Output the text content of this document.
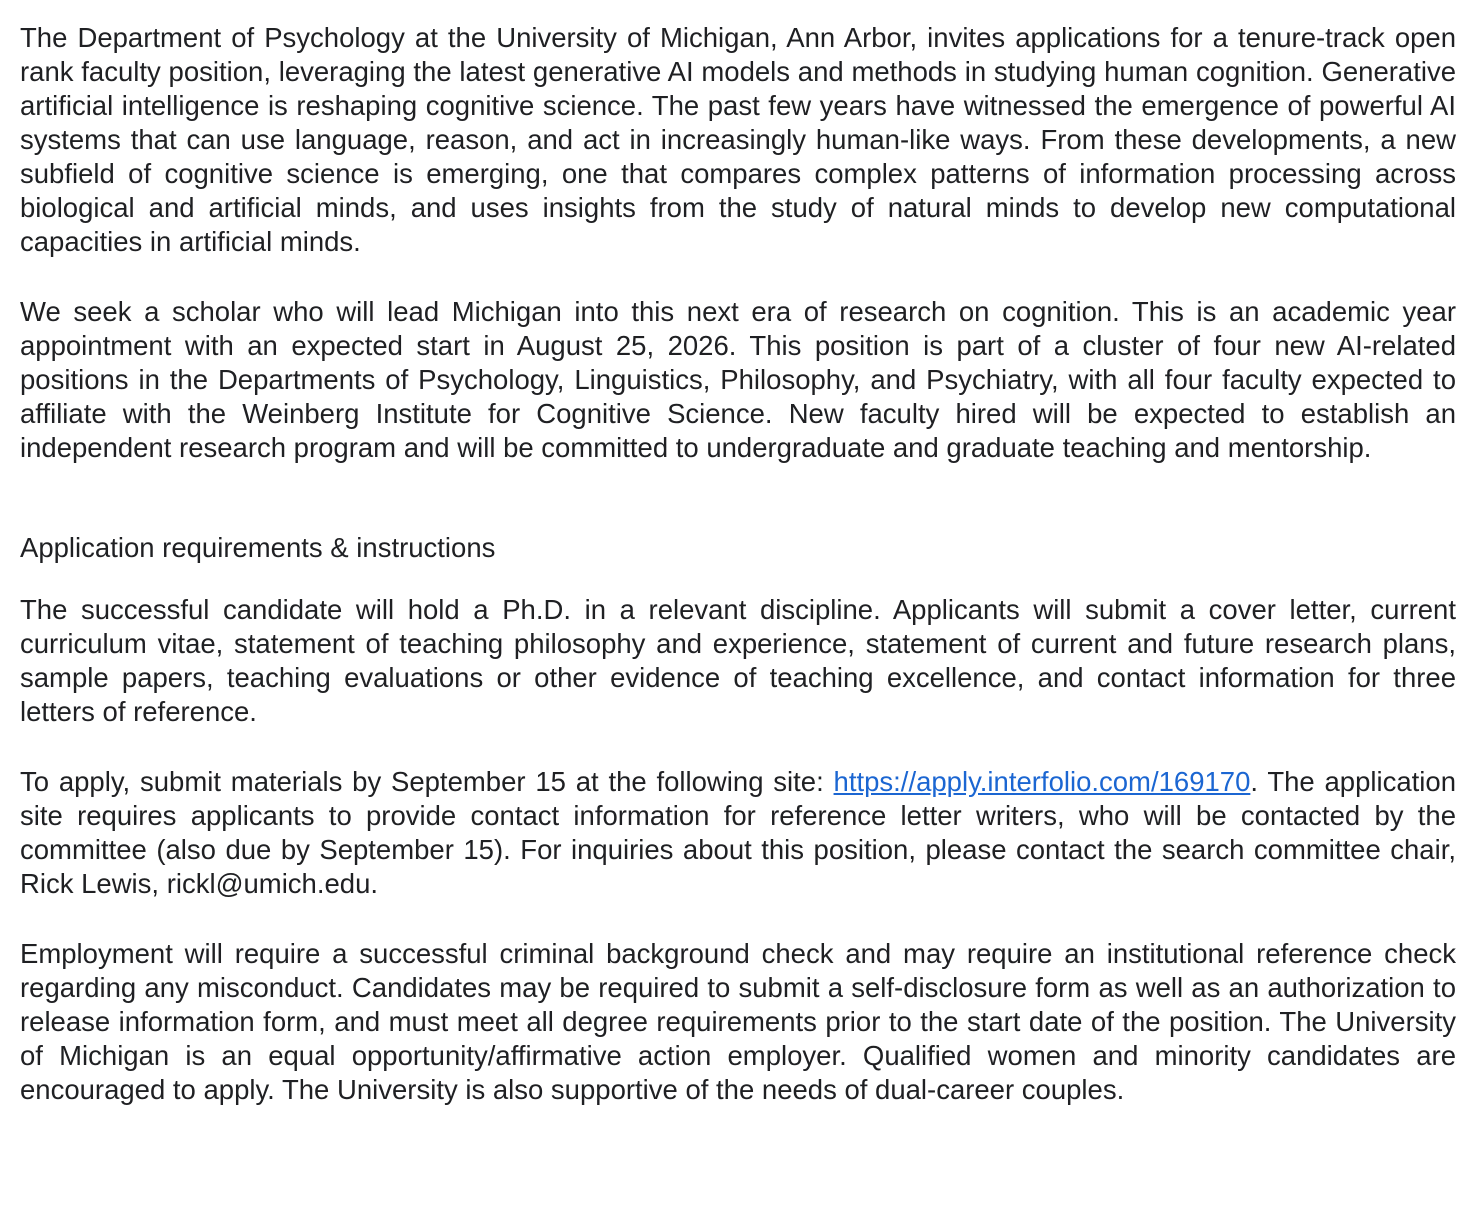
The Department of Psychology at the University of Michigan, Ann Arbor, invites applications for a tenure-track open rank faculty position, leveraging the latest generative AI models and methods in studying human cognition. Generative artificial intelligence is reshaping cognitive science. The past few years have witnessed the emergence of powerful AI systems that can use language, reason, and act in increasingly human-like ways. From these developments, a new subfield of cognitive science is emerging, one that compares complex patterns of information processing across biological and artificial minds, and uses insights from the study of natural minds to develop new computational capacities in artificial minds.

We seek a scholar who will lead Michigan into this next era of research on cognition. This is an academic year appointment with an expected start in August 25, 2026. This position is part of a cluster of four new AI-related positions in the Departments of Psychology, Linguistics, Philosophy, and Psychiatry, with all four faculty expected to affiliate with the Weinberg Institute for Cognitive Science. New faculty hired will be expected to establish an independent research program and will be committed to undergraduate and graduate teaching and mentorship.

Application requirements & instructions

The successful candidate will hold a Ph.D. in a relevant discipline. Applicants will submit a cover letter, current curriculum vitae, statement of teaching philosophy and experience, statement of current and future research plans, sample papers, teaching evaluations or other evidence of teaching excellence, and contact information for three letters of reference.

To apply, submit materials by September 15 at the following site: https://apply.interfolio.com/169170. The application site requires applicants to provide contact information for reference letter writers, who will be contacted by the committee (also due by September 15). For inquiries about this position, please contact the search committee chair, Rick Lewis, rickl@umich.edu.

Employment will require a successful criminal background check and may require an institutional reference check regarding any misconduct. Candidates may be required to submit a self-disclosure form as well as an authorization to release information form, and must meet all degree requirements prior to the start date of the position. The University of Michigan is an equal opportunity/affirmative action employer. Qualified women and minority candidates are encouraged to apply. The University is also supportive of the needs of dual-career couples.
